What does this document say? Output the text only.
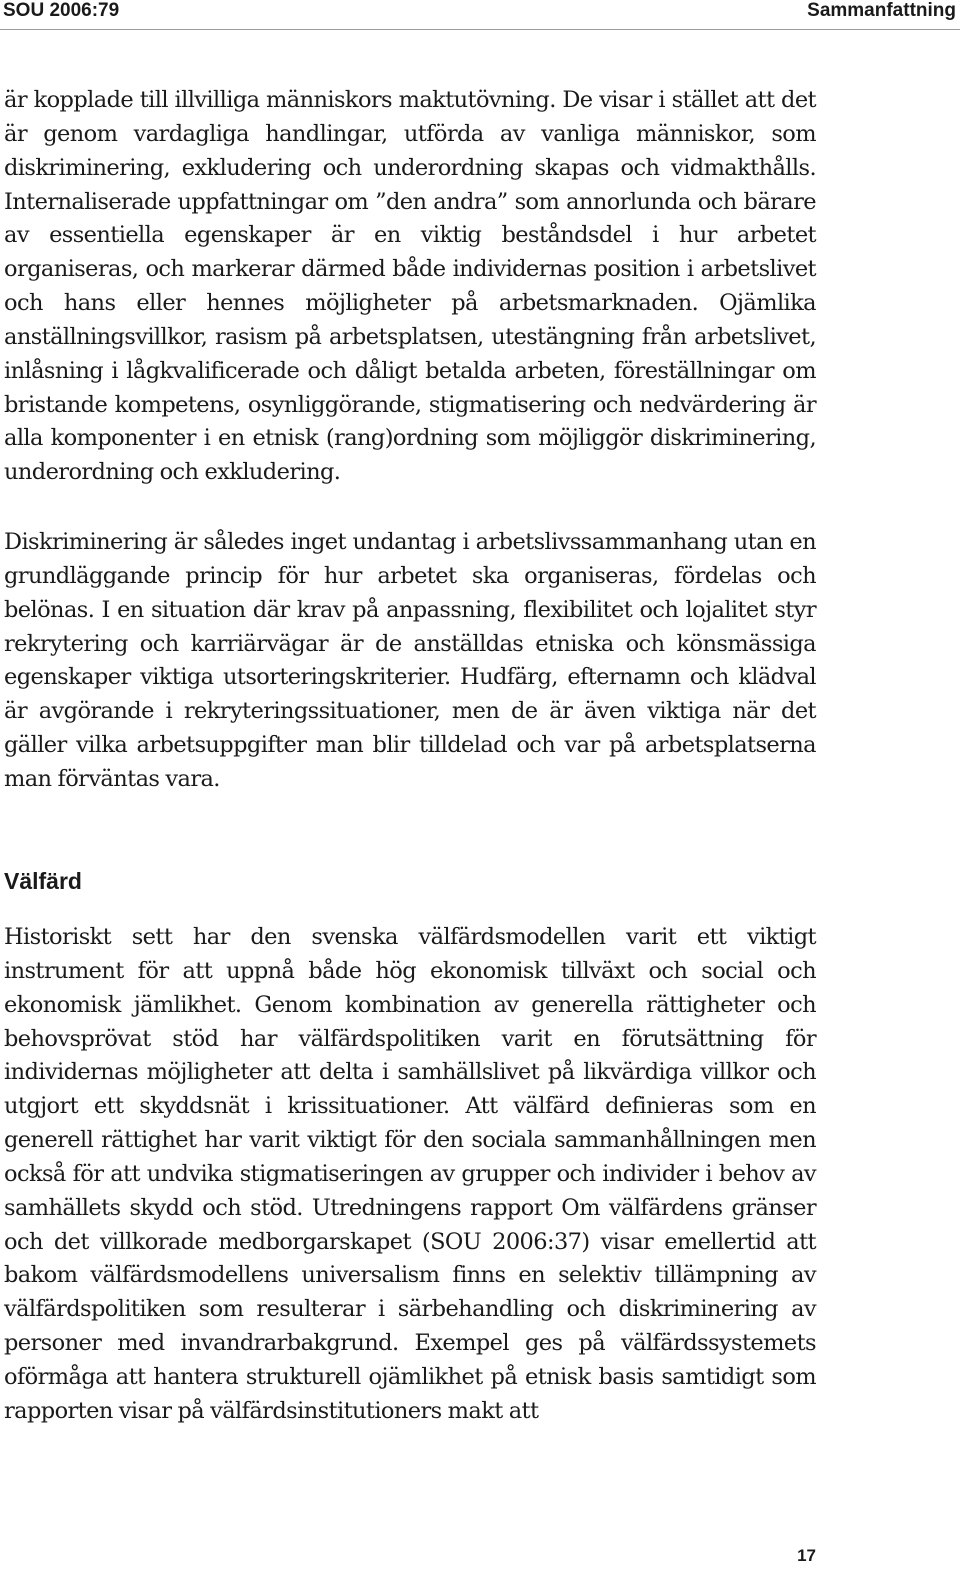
SOU 2006:79	Sammanfattning

är kopplade till illvilliga människors maktutövning. De visar i stället att det är genom vardagliga handlingar, utförda av vanliga människor, som diskriminering, exkludering och underordning skapas och vidmakthålls. Internaliserade uppfattningar om ”den andra” som annorlunda och bärare av essentiella egenskaper är en viktig beståndsdel i hur arbetet organiseras, och markerar därmed både individernas position i arbetslivet och hans eller hennes möjligheter på arbetsmarknaden. Ojämlika anställningsvillkor, rasism på arbetsplatsen, utestängning från arbetslivet, inlåsning i lågkvalificerade och dåligt betalda arbeten, föreställningar om bristande kompetens, osynliggörande, stigmatisering och nedvärdering är alla komponenter i en etnisk (rang)ordning som möjliggör diskriminering, underordning och exkludering.

Diskriminering är således inget undantag i arbetslivssammanhang utan en grundläggande princip för hur arbetet ska organiseras, fördelas och belönas. I en situation där krav på anpassning, flexibilitet och lojalitet styr rekrytering och karriärvägar är de anställdas etniska och könsmässiga egenskaper viktiga utsorteringskriterier. Hudfärg, efternamn och klädval är avgörande i rekryteringssituationer, men de är även viktiga när det gäller vilka arbetsuppgifter man blir tilldelad och var på arbetsplatserna man förväntas vara.

Välfärd

Historiskt sett har den svenska välfärdsmodellen varit ett viktigt instrument för att uppnå både hög ekonomisk tillväxt och social och ekonomisk jämlikhet. Genom kombination av generella rättigheter och behovsprövat stöd har välfärdspolitiken varit en förutsättning för individernas möjligheter att delta i samhällslivet på likvärdiga villkor och utgjort ett skyddsnät i krissituationer. Att välfärd definieras som en generell rättighet har varit viktigt för den sociala sammanhållningen men också för att undvika stigmatiseringen av grupper och individer i behov av samhällets skydd och stöd. Utredningens rapport Om välfärdens gränser och det villkorade medborgarskapet (SOU 2006:37) visar emellertid att bakom välfärdsmodellens universalism finns en selektiv tillämpning av välfärdspolitiken som resulterar i särbehandling och diskriminering av personer med invandrarbakgrund. Exempel ges på välfärdssystemets oförmåga att hantera strukturell ojämlikhet på etnisk basis samtidigt som rapporten visar på välfärdsinstitutioners makt att

17
